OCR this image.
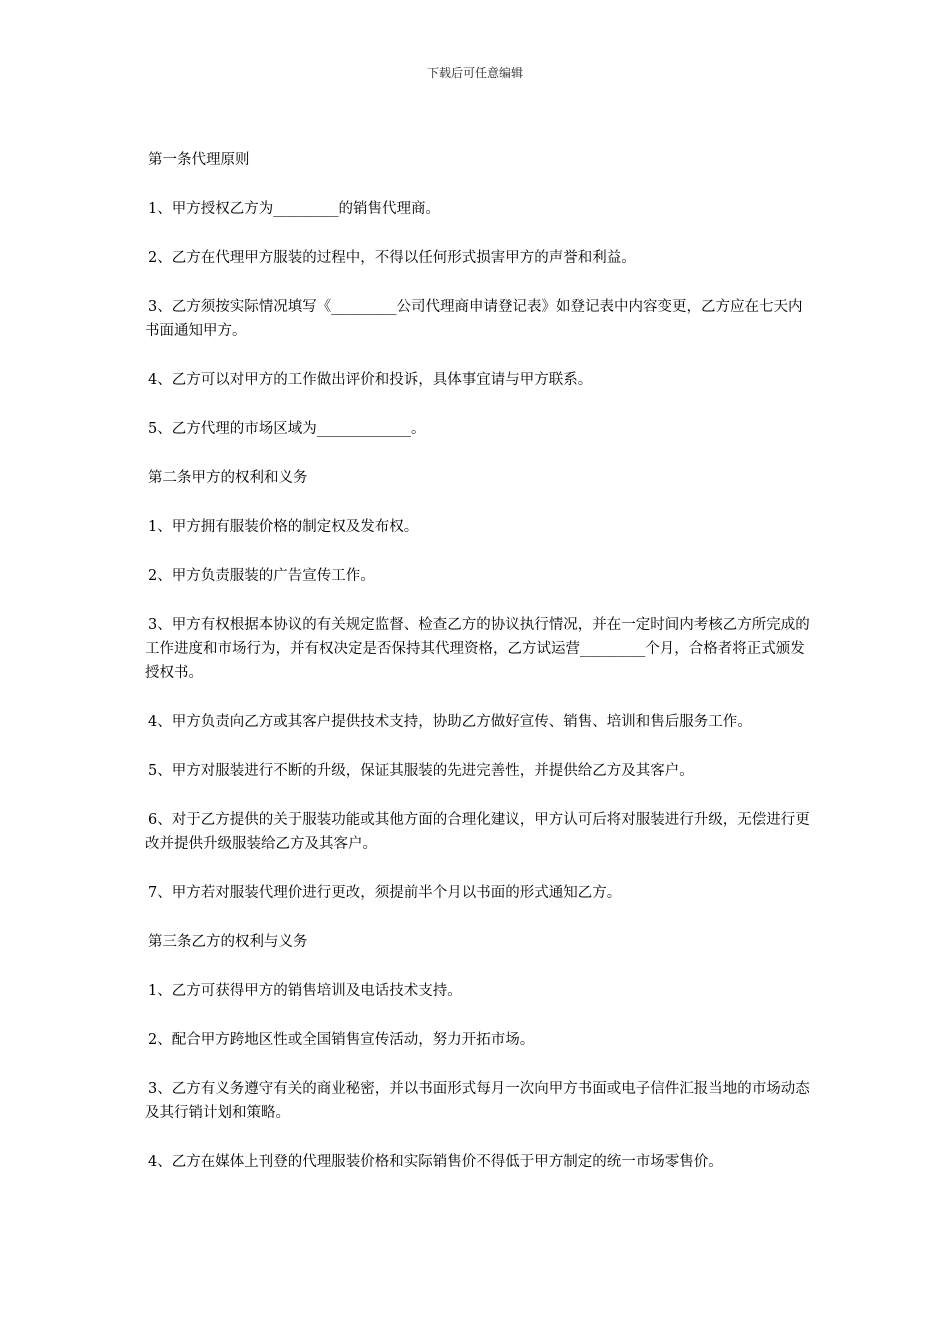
下载后可任意编辑

第一条代理原则

1、甲方授权乙方为_________的销售代理商。

2、乙方在代理甲方服装的过程中，不得以任何形式损害甲方的声誉和利益。

3、乙方须按实际情况填写《_________公司代理商申请登记表》如登记表中内容变更，乙方应在七天内书面通知甲方。

4、乙方可以对甲方的工作做出评价和投诉，具体事宜请与甲方联系。

5、乙方代理的市场区域为_____________。

第二条甲方的权利和义务

1、甲方拥有服装价格的制定权及发布权。

2、甲方负责服装的广告宣传工作。

3、甲方有权根据本协议的有关规定监督、检查乙方的协议执行情况，并在一定时间内考核乙方所完成的工作进度和市场行为，并有权决定是否保持其代理资格，乙方试运营_________个月，合格者将正式颁发授权书。

4、甲方负责向乙方或其客户提供技术支持，协助乙方做好宣传、销售、培训和售后服务工作。

5、甲方对服装进行不断的升级，保证其服装的先进完善性，并提供给乙方及其客户。

6、对于乙方提供的关于服装功能或其他方面的合理化建议，甲方认可后将对服装进行升级，无偿进行更改并提供升级服装给乙方及其客户。

7、甲方若对服装代理价进行更改，须提前半个月以书面的形式通知乙方。

第三条乙方的权利与义务

1、乙方可获得甲方的销售培训及电话技术支持。

2、配合甲方跨地区性或全国销售宣传活动，努力开拓市场。

3、乙方有义务遵守有关的商业秘密，并以书面形式每月一次向甲方书面或电子信件汇报当地的市场动态及其行销计划和策略。

4、乙方在媒体上刊登的代理服装价格和实际销售价不得低于甲方制定的统一市场零售价。
